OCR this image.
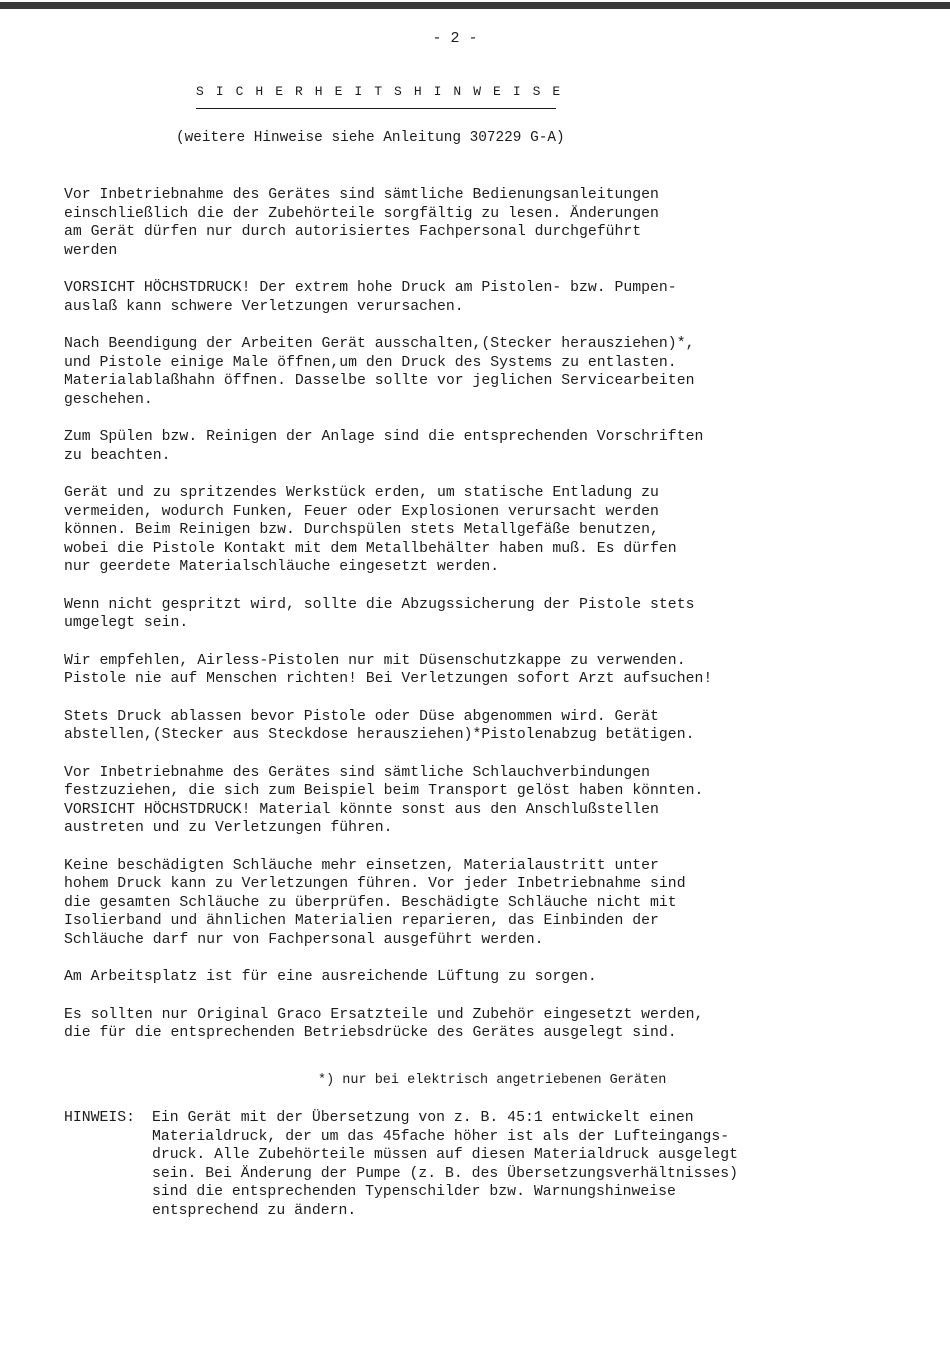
- 2 -
SICHERHEITSHINWEISE
(weitere Hinweise siehe Anleitung 307229 G-A)

Vor Inbetriebnahme des Gerätes sind sämtliche Bedienungsanleitungen
einschließlich die der Zubehörteile sorgfältig zu lesen. Änderungen
am Gerät dürfen nur durch autorisiertes Fachpersonal durchgeführt
werden

VORSICHT HÖCHSTDRUCK! Der extrem hohe Druck am Pistolen- bzw. Pumpen-
auslaß kann schwere Verletzungen verursachen.

Nach Beendigung der Arbeiten Gerät ausschalten,(Stecker herausziehen)*,
und Pistole einige Male öffnen,um den Druck des Systems zu entlasten.
Materialablaßhahn öffnen. Dasselbe sollte vor jeglichen Servicearbeiten
geschehen.

Zum Spülen bzw. Reinigen der Anlage sind die entsprechenden Vorschriften
zu beachten.

Gerät und zu spritzendes Werkstück erden, um statische Entladung zu
vermeiden, wodurch Funken, Feuer oder Explosionen verursacht werden
können. Beim Reinigen bzw. Durchspülen stets Metallgefäße benutzen,
wobei die Pistole Kontakt mit dem Metallbehälter haben muß. Es dürfen
nur geerdete Materialschläuche eingesetzt werden.

Wenn nicht gespritzt wird, sollte die Abzugssicherung der Pistole stets
umgelegt sein.

Wir empfehlen, Airless-Pistolen nur mit Düsenschutzkappe zu verwenden.
Pistole nie auf Menschen richten! Bei Verletzungen sofort Arzt aufsuchen!

Stets Druck ablassen bevor Pistole oder Düse abgenommen wird. Gerät
abstellen,(Stecker aus Steckdose herausziehen)*Pistolenabzug betätigen.

Vor Inbetriebnahme des Gerätes sind sämtliche Schlauchverbindungen
festzuziehen, die sich zum Beispiel beim Transport gelöst haben könnten.
VORSICHT HÖCHSTDRUCK! Material könnte sonst aus den Anschlußstellen
austreten und zu Verletzungen führen.

Keine beschädigten Schläuche mehr einsetzen, Materialaustritt unter
hohem Druck kann zu Verletzungen führen. Vor jeder Inbetriebnahme sind
die gesamten Schläuche zu überprüfen. Beschädigte Schläuche nicht mit
Isolierband und ähnlichen Materialien reparieren, das Einbinden der
Schläuche darf nur von Fachpersonal ausgeführt werden.

Am Arbeitsplatz ist für eine ausreichende Lüftung zu sorgen.

Es sollten nur Original Graco Ersatzteile und Zubehör eingesetzt werden,
die für die entsprechenden Betriebsdrücke des Gerätes ausgelegt sind.

*) nur bei elektrisch angetriebenen Geräten
HINWEIS: Ein Gerät mit der Übersetzung von z. B. 45:1 entwickelt einen
Materialdruck, der um das 45fache höher ist als der Lufteingangs-
druck. Alle Zubehörteile müssen auf diesen Materialdruck ausgelegt
sein. Bei Änderung der Pumpe (z. B. des Übersetzungsverhältnisses)
sind die entsprechenden Typenschilder bzw. Warnungshinweise
entsprechend zu ändern.
